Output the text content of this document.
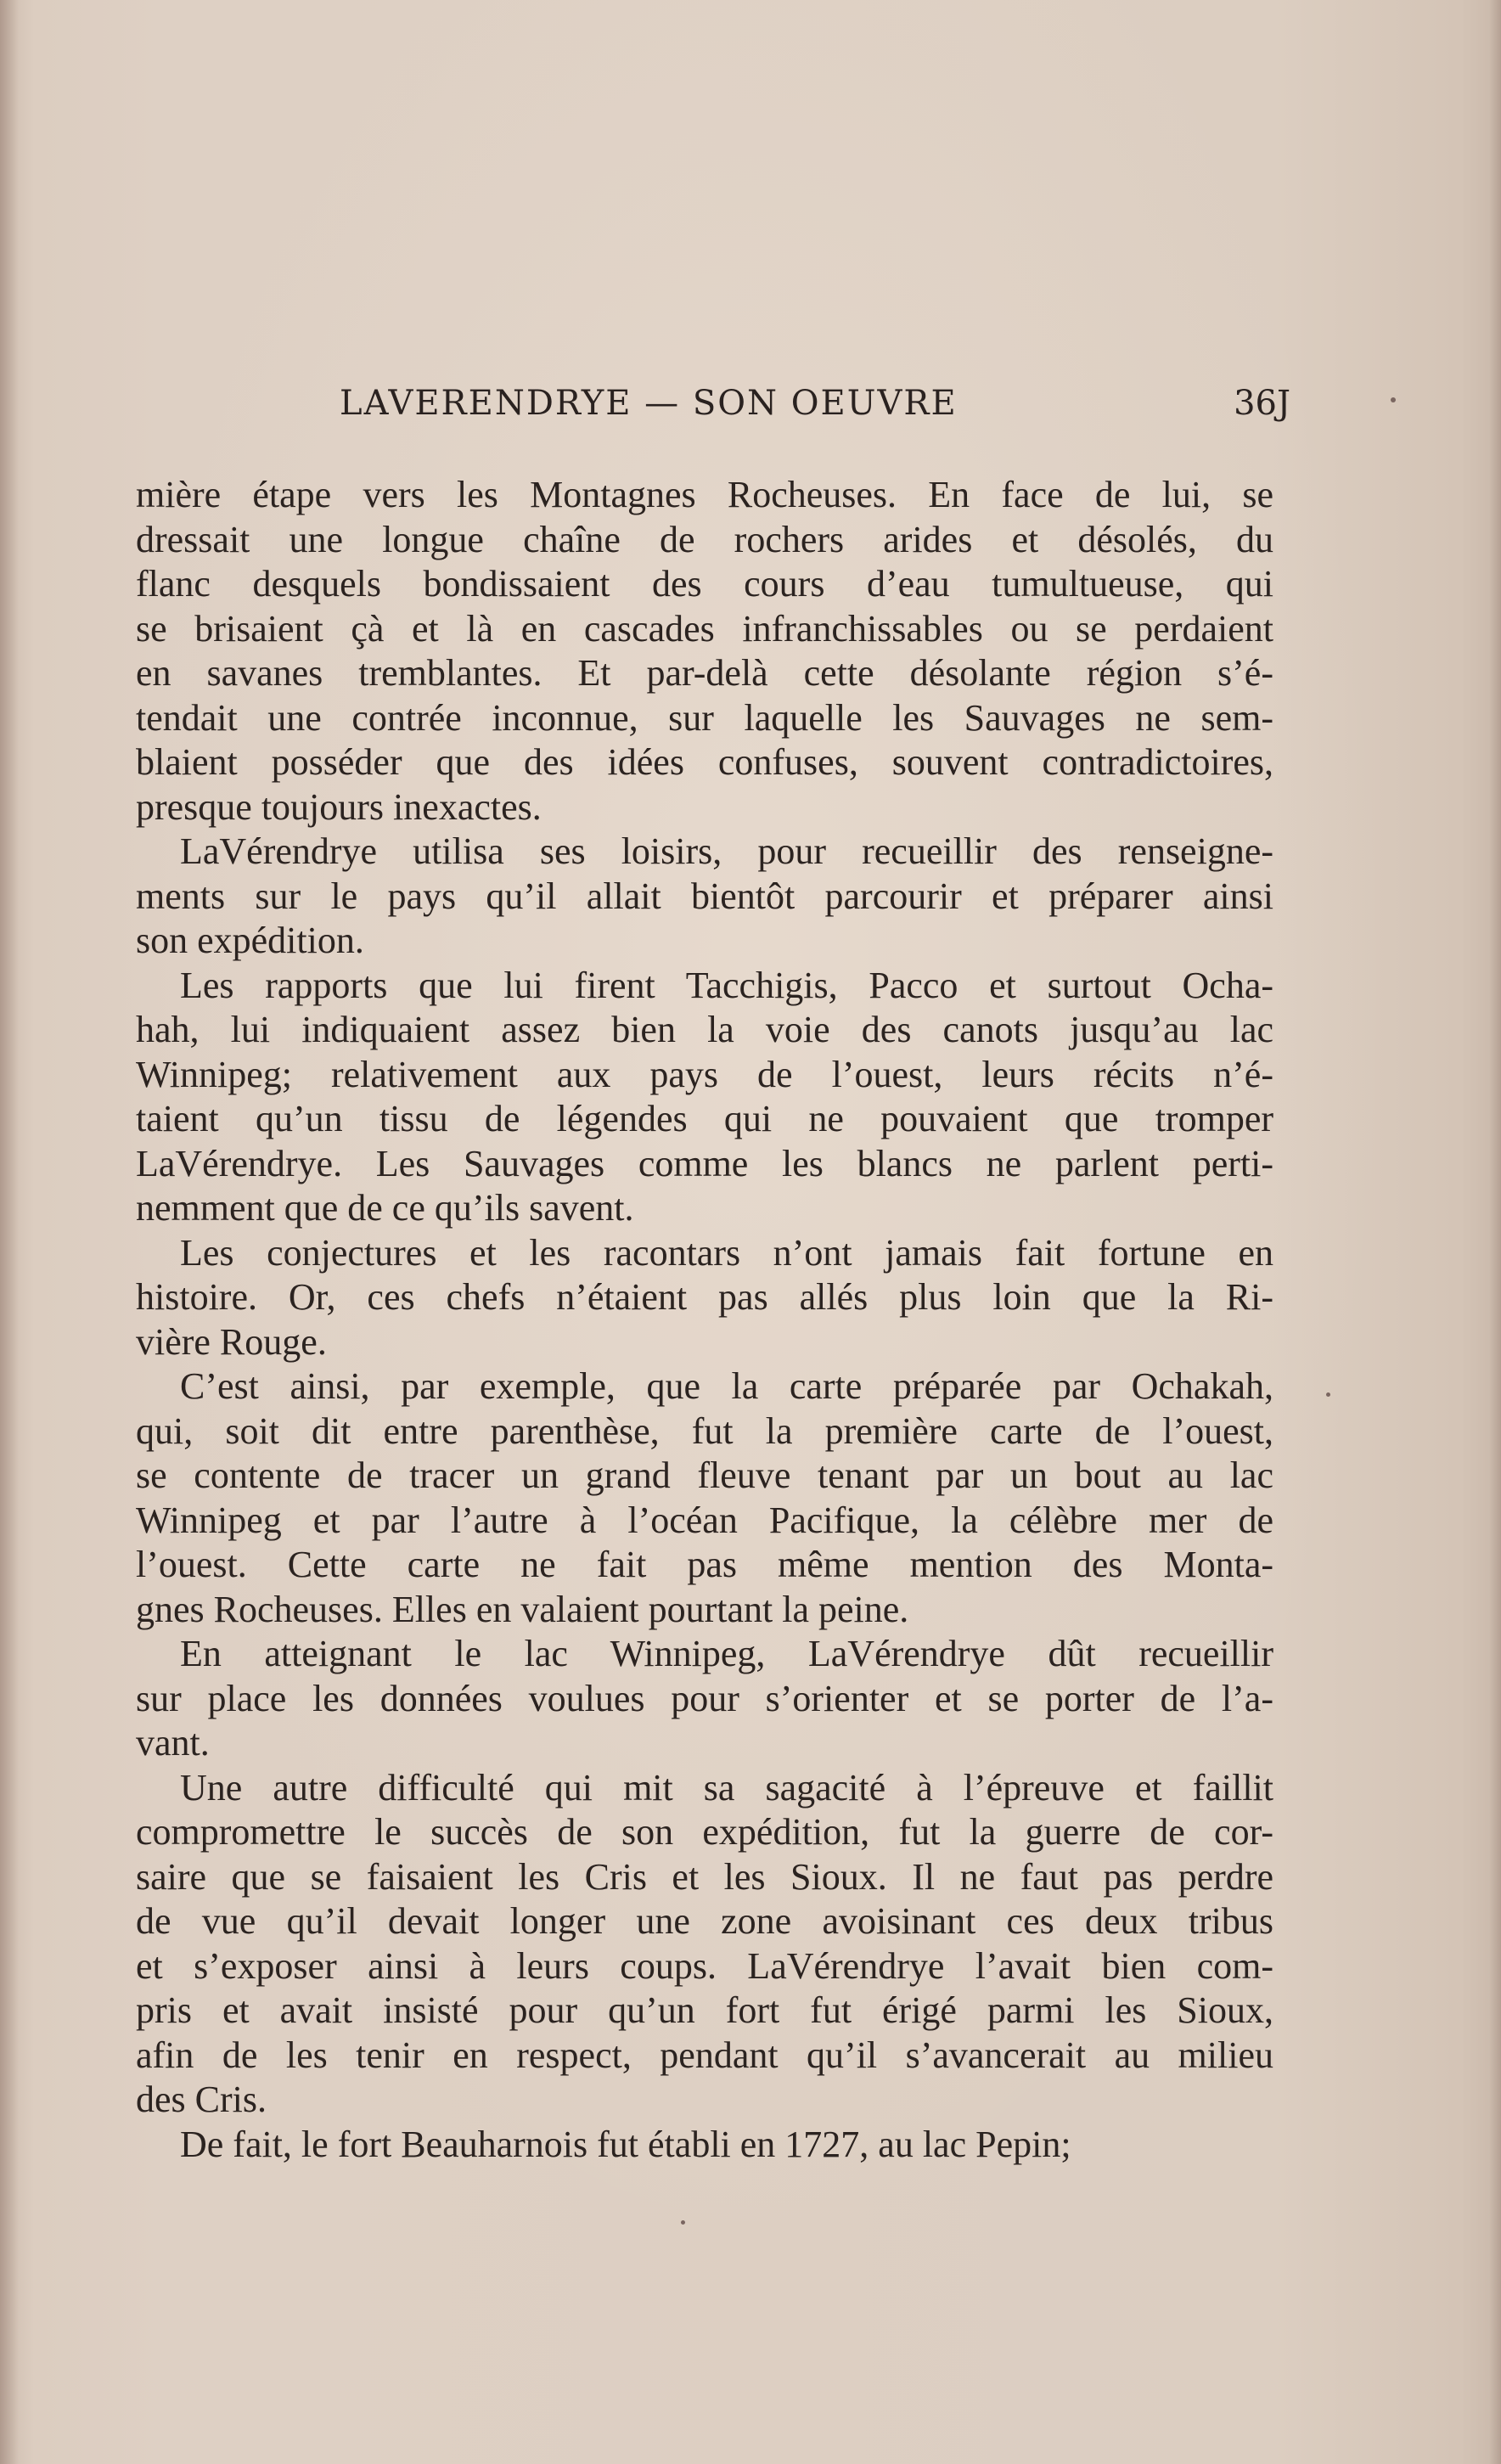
LAVERENDRYE — SON OEUVRE	36J
mière étape vers les Montagnes Rocheuses. En face de lui, se
dressait une longue chaîne de rochers arides et désolés, du
flanc desquels bondissaient des cours d’eau tumultueuse, qui
se brisaient çà et là en cascades infranchissables ou se perdaient
en savanes tremblantes. Et par-delà cette désolante région s’é-
tendait une contrée inconnue, sur laquelle les Sauvages ne sem-
blaient posséder que des idées confuses, souvent contradictoires,
presque toujours inexactes.
LaVérendrye utilisa ses loisirs, pour recueillir des renseigne-
ments sur le pays qu’il allait bientôt parcourir et préparer ainsi
son expédition.
Les rapports que lui firent Tacchigis, Pacco et surtout Ocha-
hah, lui indiquaient assez bien la voie des canots jusqu’au lac
Winnipeg; relativement aux pays de l’ouest, leurs récits n’é-
taient qu’un tissu de légendes qui ne pouvaient que tromper
LaVérendrye. Les Sauvages comme les blancs ne parlent perti-
nemment que de ce qu’ils savent.
Les conjectures et les racontars n’ont jamais fait fortune en
histoire. Or, ces chefs n’étaient pas allés plus loin que la Ri-
vière Rouge.
C’est ainsi, par exemple, que la carte préparée par Ochakah,
qui, soit dit entre parenthèse, fut la première carte de l’ouest,
se contente de tracer un grand fleuve tenant par un bout au lac
Winnipeg et par l’autre à l’océan Pacifique, la célèbre mer de
l’ouest. Cette carte ne fait pas même mention des Monta-
gnes Rocheuses. Elles en valaient pourtant la peine.
En atteignant le lac Winnipeg, LaVérendrye dût recueillir
sur place les données voulues pour s’orienter et se porter de l’a-
vant.
Une autre difficulté qui mit sa sagacité à l’épreuve et faillit
compromettre le succès de son expédition, fut la guerre de cor-
saire que se faisaient les Cris et les Sioux. Il ne faut pas perdre
de vue qu’il devait longer une zone avoisinant ces deux tribus
et s’exposer ainsi à leurs coups. LaVérendrye l’avait bien com-
pris et avait insisté pour qu’un fort fut érigé parmi les Sioux,
afin de les tenir en respect, pendant qu’il s’avancerait au milieu
des Cris.
De fait, le fort Beauharnois fut établi en 1727, au lac Pepin;
